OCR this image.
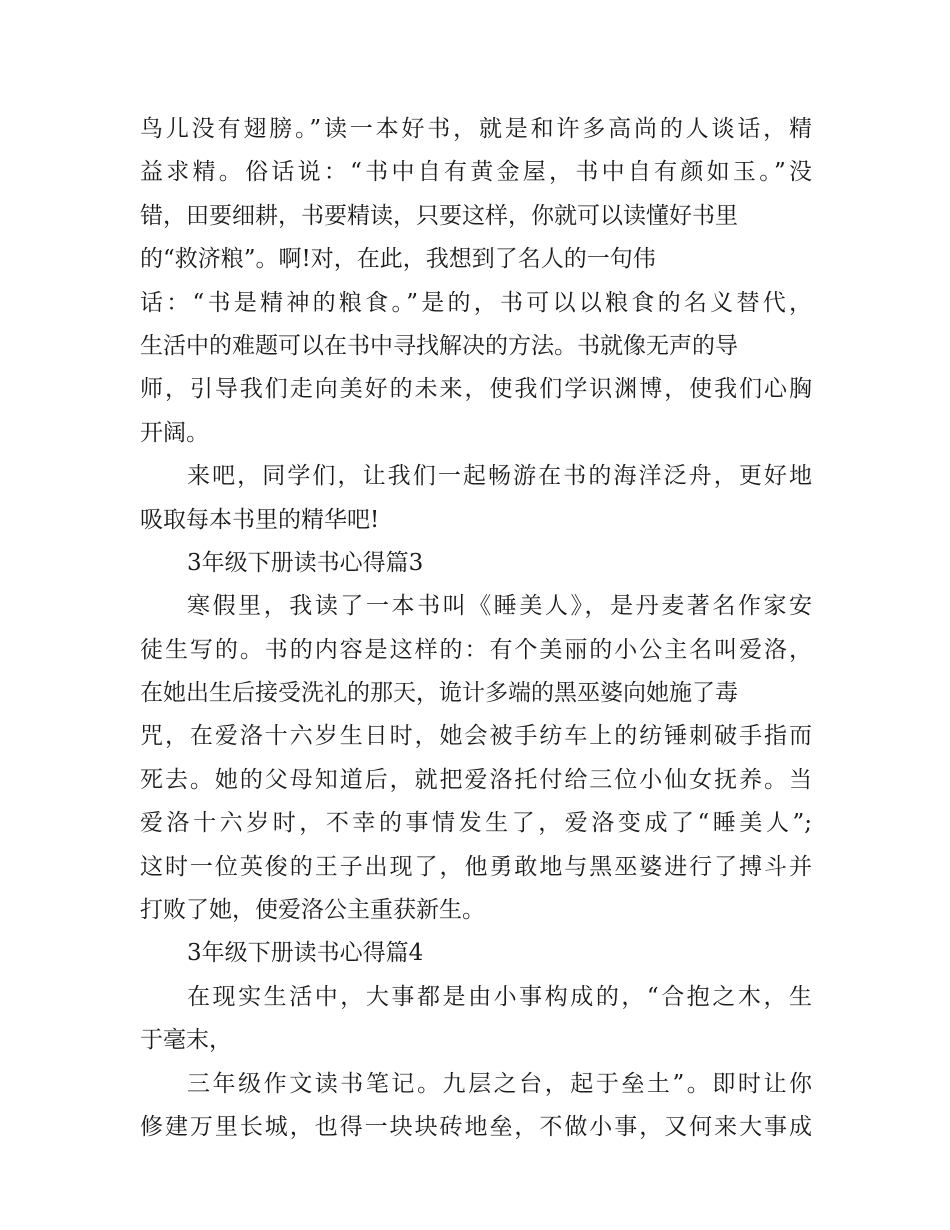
鸟儿没有翅膀。”读一本好书，就是和许多高尚的人谈话，精
益求精。俗话说：“书中自有黄金屋，书中自有颜如玉。”没
错，田要细耕，书要精读，只要这样，你就可以读懂好书里
的“救济粮”。啊!对，在此，我想到了名人的一句伟
话：“书是精神的粮食。”是的，书可以以粮食的名义替代，
生活中的难题可以在书中寻找解决的方法。书就像无声的导
师，引导我们走向美好的未来，使我们学识渊博，使我们心胸
开阔。
来吧，同学们，让我们一起畅游在书的海洋泛舟，更好地
吸取每本书里的精华吧!
3年级下册读书心得篇3
寒假里，我读了一本书叫《睡美人》，是丹麦著名作家安
徒生写的。书的内容是这样的：有个美丽的小公主名叫爱洛，
在她出生后接受洗礼的那天，诡计多端的黑巫婆向她施了毒
咒，在爱洛十六岁生日时，她会被手纺车上的纺锤刺破手指而
死去。她的父母知道后，就把爱洛托付给三位小仙女抚养。当
爱洛十六岁时，不幸的事情发生了，爱洛变成了“睡美人”;
这时一位英俊的王子出现了，他勇敢地与黑巫婆进行了搏斗并
打败了她，使爱洛公主重获新生。
3年级下册读书心得篇4
在现实生活中，大事都是由小事构成的，“合抱之木，生
于毫末，
三年级作文读书笔记。九层之台，起于垒土”。即时让你
修建万里长城，也得一块块砖地垒，不做小事，又何来大事成
